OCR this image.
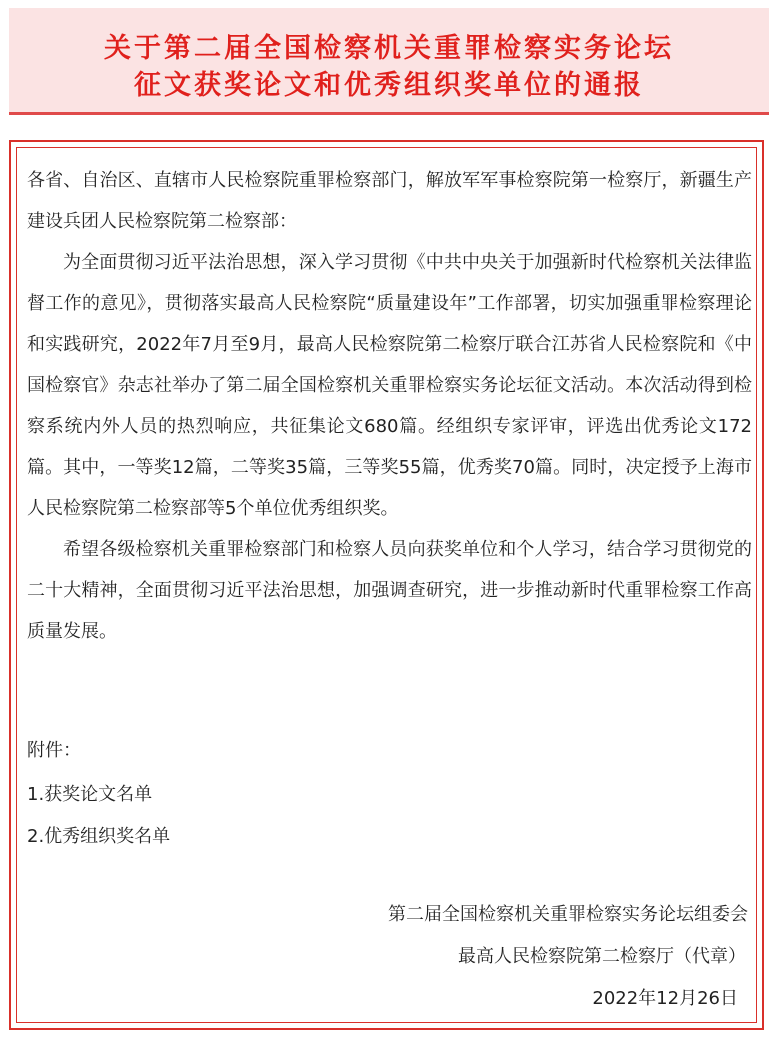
关于第二届全国检察机关重罪检察实务论坛
征文获奖论文和优秀组织奖单位的通报

各省、自治区、直辖市人民检察院重罪检察部门，解放军军事检察院第一检察厅，新疆生产建设兵团人民检察院第二检察部：

为全面贯彻习近平法治思想，深入学习贯彻《中共中央关于加强新时代检察机关法律监督工作的意见》，贯彻落实最高人民检察院“质量建设年”工作部署，切实加强重罪检察理论和实践研究，2022年7月至9月，最高人民检察院第二检察厅联合江苏省人民检察院和《中国检察官》杂志社举办了第二届全国检察机关重罪检察实务论坛征文活动。本次活动得到检察系统内外人员的热烈响应，共征集论文680篇。经组织专家评审，评选出优秀论文172篇。其中，一等奖12篇，二等奖35篇，三等奖55篇，优秀奖70篇。同时，决定授予上海市人民检察院第二检察部等5个单位优秀组织奖。

希望各级检察机关重罪检察部门和检察人员向获奖单位和个人学习，结合学习贯彻党的二十大精神，全面贯彻习近平法治思想，加强调查研究，进一步推动新时代重罪检察工作高质量发展。

附件：
1.获奖论文名单
2.优秀组织奖名单
第二届全国检察机关重罪检察实务论坛组委会
最高人民检察院第二检察厅（代章）
2022年12月26日
